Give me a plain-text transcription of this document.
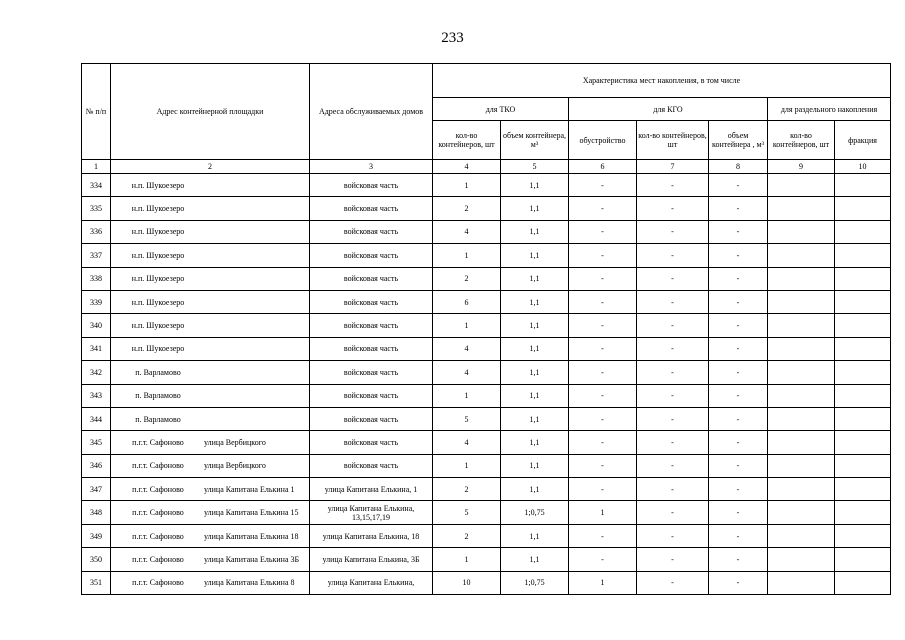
233
№ п/п	Адрес контейнерной площадки	Адреса обслуживаемых домов	Характеристика мест накопления, в том числе						
			для ТКО		для КГО			для раздельного накопления	
			кол-во контейнеров, шт	объем контейнера, м³	обустройство	кол-во контейнеров, шт	объем контейнера , м³	кол-во контейнеров, шт	фракция
1	2	3	4	5	6	7	8	9	10
334	н.п. Шукоезеро	войсковая часть	1	1,1	-	-	-		
335	н.п. Шукоезеро	войсковая часть	2	1,1	-	-	-		
336	н.п. Шукоезеро	войсковая часть	4	1,1	-	-	-		
337	н.п. Шукоезеро	войсковая часть	1	1,1	-	-	-		
338	н.п. Шукоезеро	войсковая часть	2	1,1	-	-	-		
339	н.п. Шукоезеро	войсковая часть	6	1,1	-	-	-		
340	н.п. Шукоезеро	войсковая часть	1	1,1	-	-	-		
341	н.п. Шукоезеро	войсковая часть	4	1,1	-	-	-		
342	п. Варламово	войсковая часть	4	1,1	-	-	-		
343	п. Варламово	войсковая часть	1	1,1	-	-	-		
344	п. Варламово	войсковая часть	5	1,1	-	-	-		
345	п.г.т. Сафоново улица Вербицкого	войсковая часть	4	1,1	-	-	-		
346	п.г.т. Сафоново улица Вербицкого	войсковая часть	1	1,1	-	-	-		
347	п.г.т. Сафоново улица Капитана Елькина 1	улица Капитана Елькина, 1	2	1,1	-	-	-		
348	п.г.т. Сафоново улица Капитана Елькина 15	улица Капитана Елькина, 13,15,17,19	5	1;0,75	1	-	-		
349	п.г.т. Сафоново улица Капитана Елькина 18	улица Капитана Елькина, 18	2	1,1	-	-	-		
350	п.г.т. Сафоново улица Капитана Елькина 3Б	улица Капитана Елькина, 3Б	1	1,1	-	-	-		
351	п.г.т. Сафоново улица Капитана Елькина 8	улица Капитана Елькина,	10	1;0,75	1	-	-		
